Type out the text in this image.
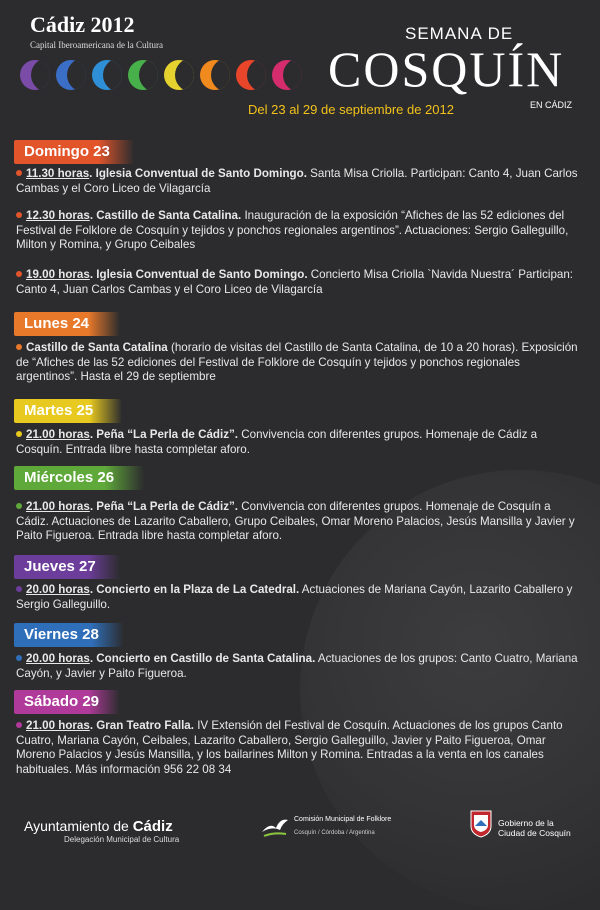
Cádiz 2012
Capital Iberoamericana de la Cultura
SEMANA DE
COSQUÍN
EN CÁDIZ
Del 23 al 29 de septiembre de 2012
Domingo 23
Lunes 24
Martes 25
Miércoles 26
Jueves 27
Viernes 28
Sábado 29
11.30 horas. Iglesia Conventual de Santo Domingo. Santa Misa Criolla. Participan: Canto 4, Juan Carlos Cambas y el Coro Liceo de Vilagarcía
12.30 horas. Castillo de Santa Catalina. Inauguración de la exposición “Afiches de las 52 ediciones del Festival de Folklore de Cosquín y tejidos y ponchos regionales argentinos”. Actuaciones: Sergio Galleguillo, Milton y Romina, y Grupo Ceibales
19.00 horas. Iglesia Conventual de Santo Domingo. Concierto Misa Criolla `Navida Nuestra´ Participan: Canto 4, Juan Carlos Cambas y el Coro Liceo de Vilagarcía
Castillo de Santa Catalina (horario de visitas del Castillo de Santa Catalina, de 10 a 20 horas). Exposición de “Afiches de las 52 ediciones del Festival de Folklore de Cosquín y tejidos y ponchos regionales argentinos”. Hasta el 29 de septiembre
21.00 horas. Peña “La Perla de Cádiz”. Convivencia con diferentes grupos. Homenaje de Cádiz a Cosquín. Entrada libre hasta completar aforo.
21.00 horas. Peña “La Perla de Cádiz”. Convivencia con diferentes grupos. Homenaje de Cosquín a Cádiz. Actuaciones de Lazarito Caballero, Grupo Ceibales, Omar Moreno Palacios, Jesús Mansilla y Javier y Paito Figueroa. Entrada libre hasta completar aforo.
20.00 horas. Concierto en la Plaza de La Catedral. Actuaciones de Mariana Cayón, Lazarito Caballero y Sergio Galleguillo.
20.00 horas. Concierto en Castillo de Santa Catalina. Actuaciones de los grupos: Canto Cuatro, Mariana Cayón, y Javier y Paito Figueroa.
21.00 horas. Gran Teatro Falla. IV Extensión del Festival de Cosquín. Actuaciones de los grupos Canto Cuatro, Mariana Cayón, Ceibales, Lazarito Caballero, Sergio Galleguillo, Javier y Paito Figueroa, Omar Moreno Palacios y Jesús Mansilla, y los bailarines Milton y Romina. Entradas a la venta en los canales habituales. Más información 956 22 08 34
Ayuntamiento de Cádiz
Delegación Municipal de Cultura
Comisión Municipal de Folklore
Cosquín / Córdoba / Argentina
Gobierno de la
Ciudad de Cosquín
